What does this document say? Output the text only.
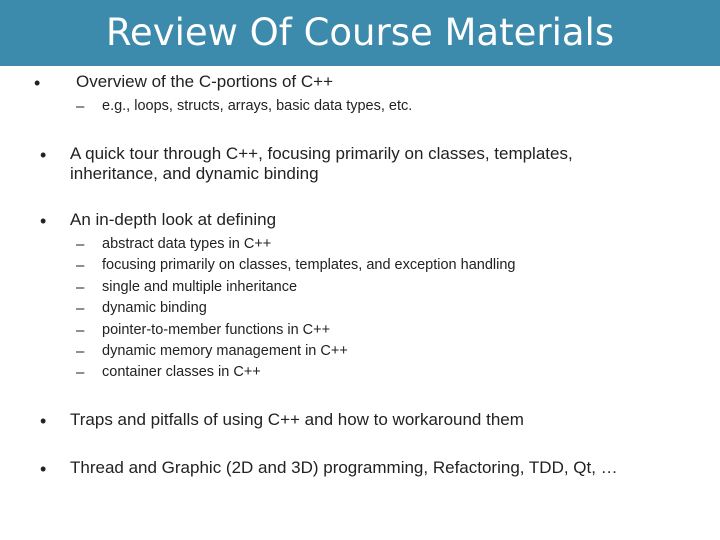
Review Of Course Materials
•	Overview of the C-portions of C++
–	e.g., loops, structs, arrays, basic data types, etc.
•	A quick tour through C++, focusing primarily on classes, templates, inheritance, and dynamic binding
•	An in-depth look at defining
–	abstract data types in C++
–	focusing primarily on classes, templates, and exception handling
–	single and multiple inheritance
–	dynamic binding
–	pointer-to-member functions in C++
–	dynamic memory management in C++
–	container classes in C++
•	Traps and pitfalls of using C++ and how to workaround them
•	Thread and Graphic (2D and 3D) programming, Refactoring, TDD, Qt, …
